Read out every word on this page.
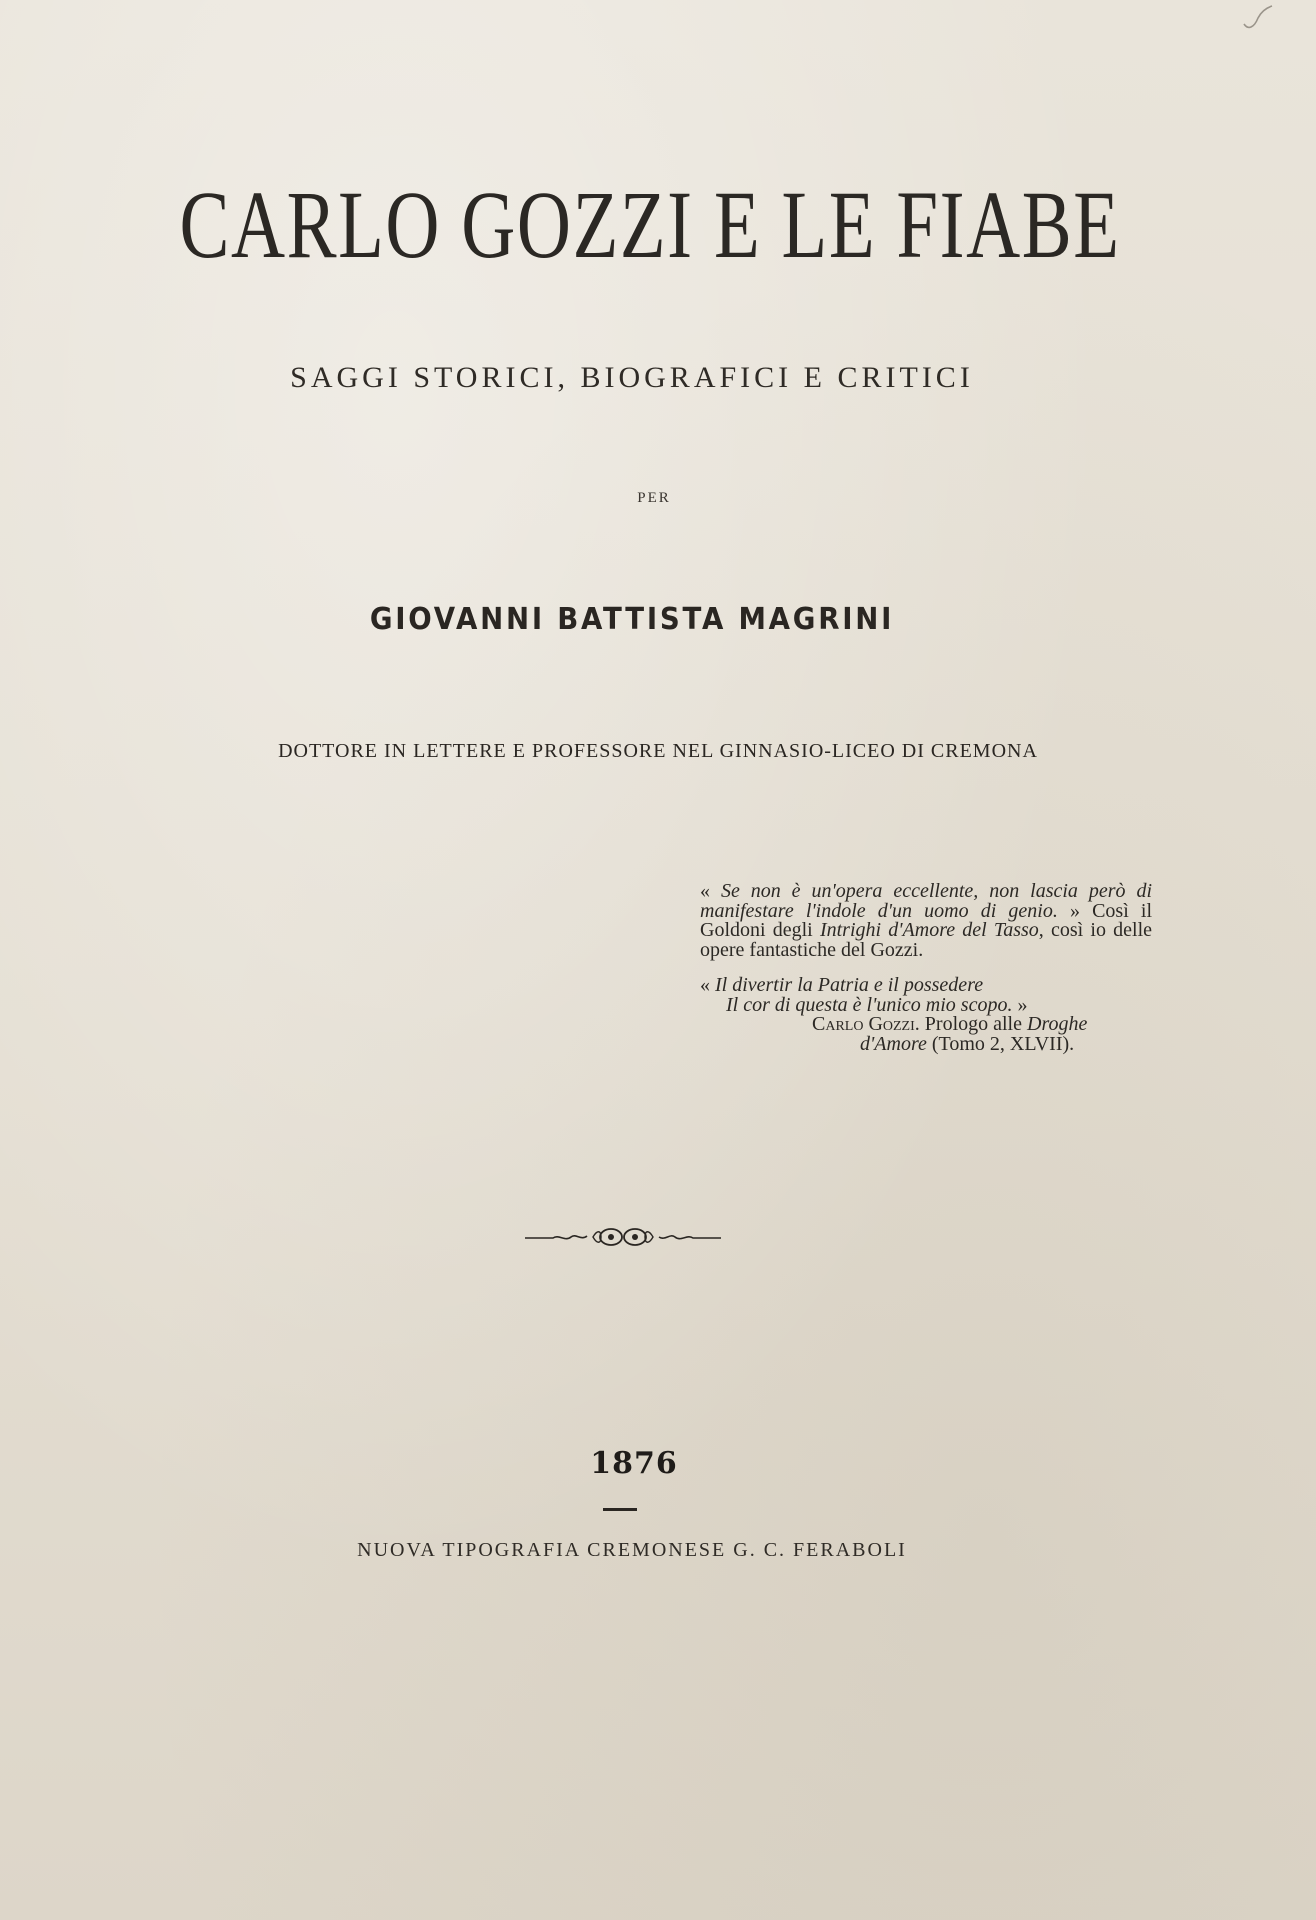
CARLO GOZZI E LE FIABE
SAGGI STORICI, BIOGRAFICI E CRITICI
PER
GIOVANNI BATTISTA MAGRINI
DOTTORE IN LETTERE E PROFESSORE NEL GINNASIO-LICEO DI CREMONA

« Se non è un'opera eccellente, non lascia però di manifestare l'indole d'un uomo di genio. » Così il Goldoni degli Intrighi d'Amore del Tasso, così io delle opere fantastiche del Gozzi.

« Il divertir la Patria e il possedere
Il cor di questa è l'unico mio scopo. »
Carlo Gozzi. Prologo alle Droghe
d'Amore (Tomo 2, XLVII).
1876
NUOVA TIPOGRAFIA CREMONESE G. C. FERABOLI
